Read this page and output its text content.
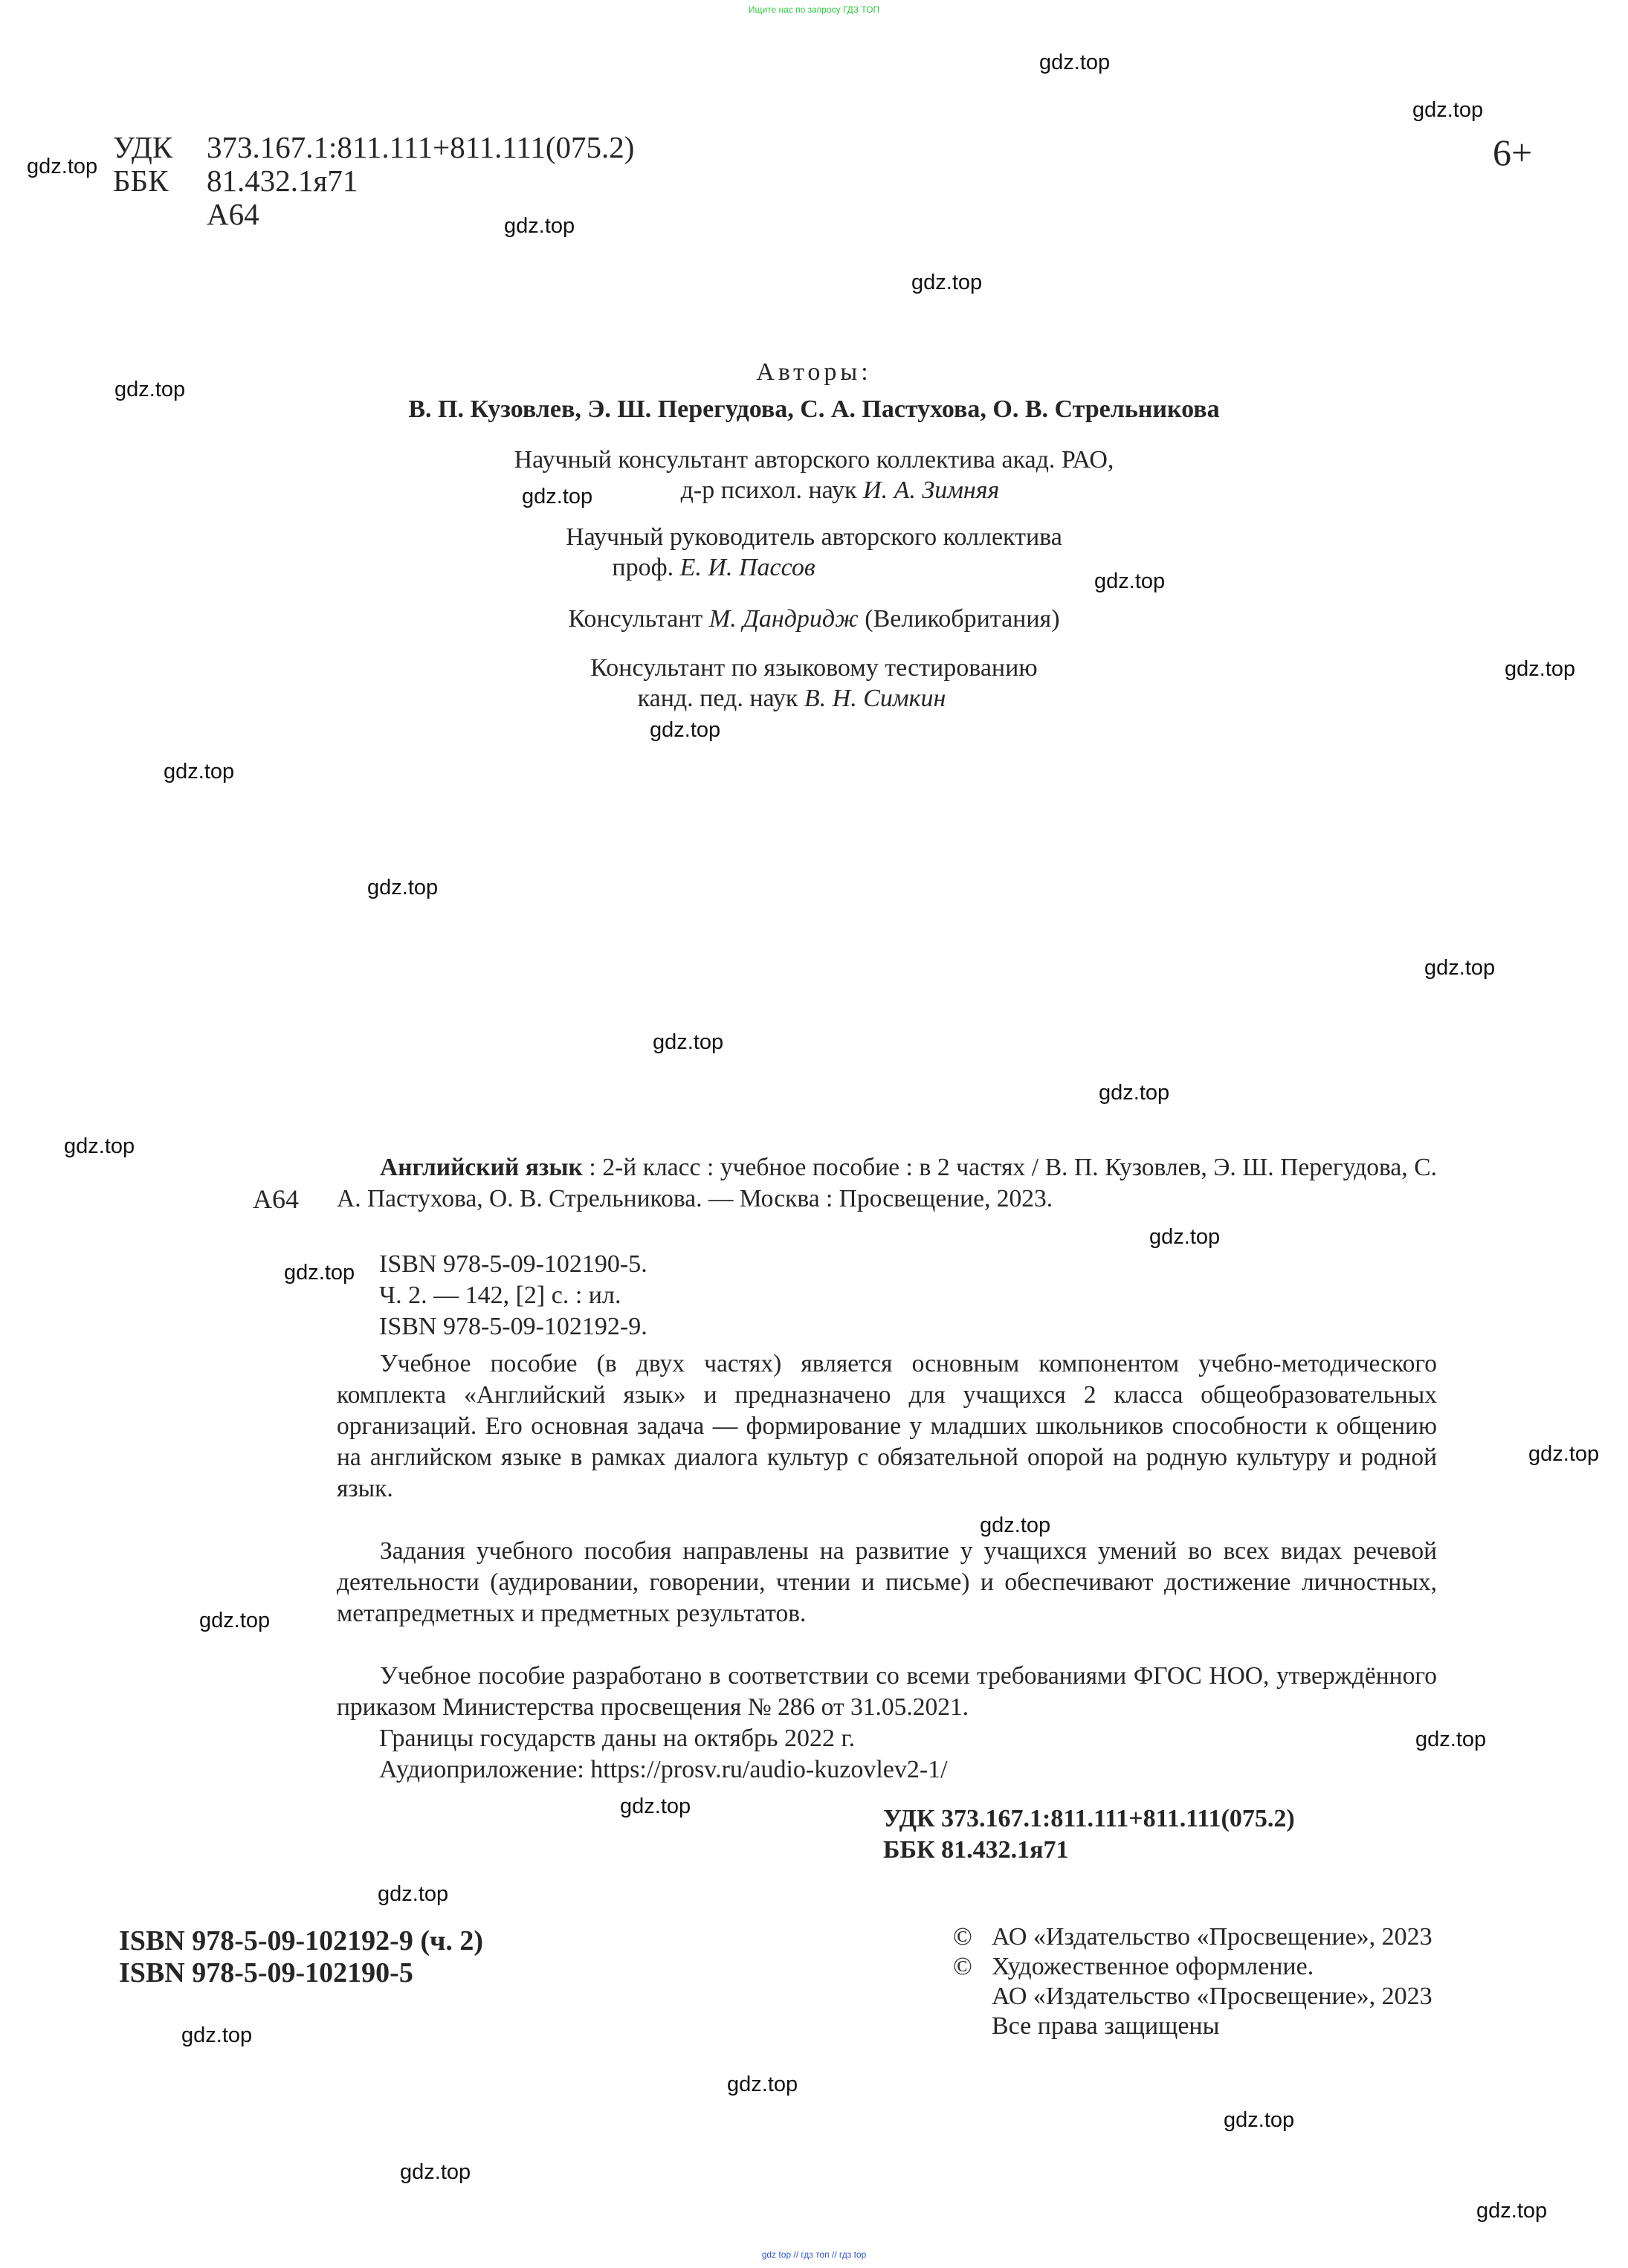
Ищите нас по запросу ГДЗ ТОП
gdz.top
gdz.top
gdz.top
gdz.top
gdz.top
gdz.top
gdz.top
gdz.top
gdz.top
gdz.top
gdz.top
gdz.top
gdz.top
gdz.top
gdz.top
gdz.top
gdz.top
gdz.top
gdz.top
gdz.top
gdz.top
gdz.top
gdz.top
gdz.top
gdz.top
gdz.top
gdz.top
gdz.top
gdz.top
УДК	373.167.1:811.111+811.111(075.2)
ББК	81.432.1я71
А64
6+
Авторы:
В. П. Кузовлев, Э. Ш. Перегудова, С. А. Пастухова, О. В. Стрельникова
Научный консультант авторского коллектива акад. РАО,
д-р психол. наук И. А. Зимняя
Научный руководитель авторского коллектива
проф. Е. И. Пассов
Консультант М. Дандридж (Великобритания)
Консультант по языковому тестированию
канд. пед. наук В. Н. Симкин
А64
Английский язык : 2-й класс : учебное пособие : в 2 частях / В. П. Кузовлев, Э. Ш. Перегудова, С. А. Пастухова, О. В. Стрельникова. — Москва : Просвещение, 2023.
ISBN 978-5-09-102190-5.
Ч. 2. — 142, [2] с. : ил.
ISBN 978-5-09-102192-9.
Учебное пособие (в двух частях) является основным компонентом учебно-методического комплекта «Английский язык» и предназначено для учащихся 2 класса общеобразовательных организаций. Его основная задача — формирование у младших школьников способности к общению на английском языке в рамках диалога культур с обязательной опорой на родную культуру и родной язык.
Задания учебного пособия направлены на развитие у учащихся умений во всех видах речевой деятельности (аудировании, говорении, чтении и письме) и обеспечивают достижение личностных, метапредметных и предметных результатов.
Учебное пособие разработано в соответствии со всеми требованиями ФГОС НОО, утверждённого приказом Министерства просвещения № 286 от 31.05.2021.
Границы государств даны на октябрь 2022 г.
Аудиоприложение: https://prosv.ru/audio-kuzovlev2-1/
УДК 373.167.1:811.111+811.111(075.2)
ББК 81.432.1я71
ISBN 978-5-09-102192-9 (ч. 2)
ISBN 978-5-09-102190-5
© АО «Издательство «Просвещение», 2023
© Художественное оформление.
АО «Издательство «Просвещение», 2023
Все права защищены
gdz top // гдз топ // гдз top
